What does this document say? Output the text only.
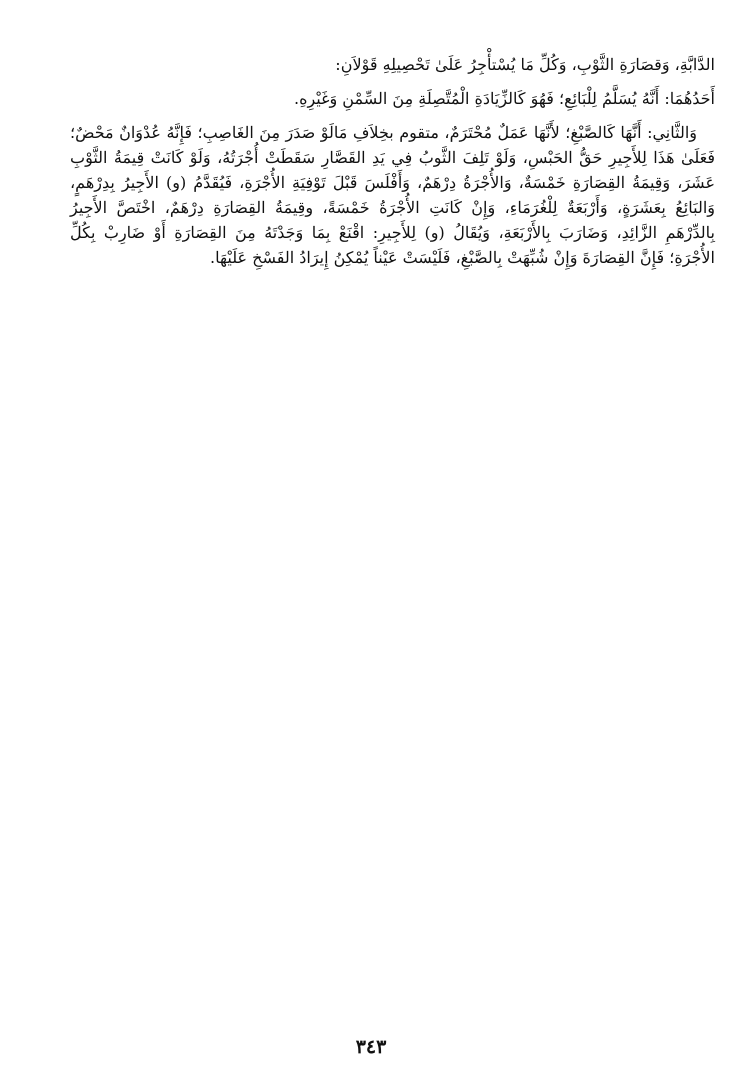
الدَّابَّةِ، وَقصَارَةِ الثَّوْبِ، وَكُلِّ مَا يُسْتأْجِرُ عَلَىٰ تَحْصِيلِهِ قَوْلاَنِ:

أَحَدُهُمَا: أَنَّهُ يُسَلَّمُ لِلْبَائِعِ؛ فَهُوَ كَالزِّيَادَةِ الْمُتَّصِلَةِ مِنَ السِّمْنِ وَغَيْرِهِ.

وَالثَّانِي: أَنَّهَا كَالصَّبْغِ؛ لأَنَّهَا عَمَلٌ مُحْتَرَمٌ، متقوم بخِلاَفِ مَالَوْ صَدَرَ مِنَ الغَاصِبِ؛ فَإِنَّهُ عُدْوَانٌ مَحْضٌ؛ فَعَلَىٰ هَذَا لِلأَجِيرِ حَقُّ الحَبْسِ، وَلَوْ تَلِفَ الثَّوبُ فِي يَدِ القَصَّارِ سَقَطَتْ أُجْرَتُهُ، وَلَوْ كَانَتْ قِيمَةُ الثَّوْبِ عَشَرَ، وَقِيمَةُ القِصَارَةِ خَمْسَةٌ، وَالأُجْرَةُ دِرْهَمٌ، وَأَفْلَسَ قَبْلَ تَوْفِيَةِ الأُجْرَةِ، فَيُقَدَّمُ (و) الأَجِيرُ بِدِرْهَمٍ، وَالبَائِعُ بِعَشَرَةٍ، وَأَرْبَعَةٌ لِلْغُرَمَاءِ، وَإِنْ كَانَتِ الأُجْرَةُ خَمْسَةً، وقِيمَةُ القِصَارَةِ دِرْهَمٌ، اخْتَصَّ الأَجِيرُ بِالدِّرْهَمِ الزَّائِدِ، وَضَارَبَ بِالأَرْبَعَةِ، وَيُقَالُ (و) لِلأَجِيرِ: اقْنَعْ بِمَا وَجَدْتَهُ مِنَ القِصَارَةِ أَوْ ضَارِبْ بِكُلِّ الأُجْرَةِ؛ فَإِنَّ القِصَارَةَ وَإِنْ شُبِّهَتْ بِالصَّبْغِ، فَلَيْسَتْ عَيْناً يُمْكِنُ إِيرَادُ الفَسْخِ عَلَيْهَا.

٣٤٣
